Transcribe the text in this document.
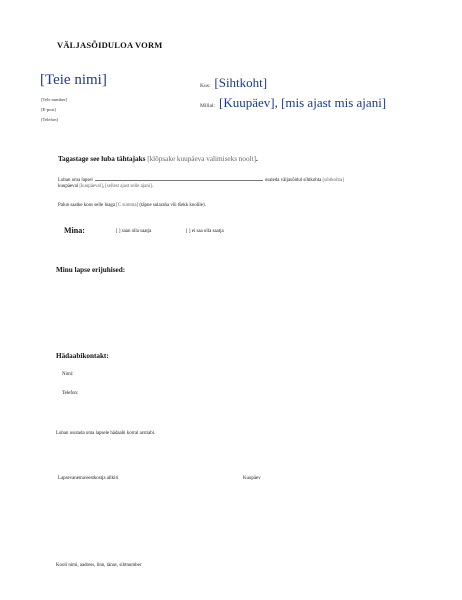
VÄLJASÕIDULOA VORM
[Teie nimi]
[Tele number]
[E-post]
[Telefon]
Kus: [Sihtkoht]
Millal: [Kuupäev], [mis ajast mis ajani]
Tagastage see luba tähtajaks [klõpsake kuupäeva valimiseks noolt].
Luban oma lapsel	osaleda väljasõidul sihtkohta [sihtkohta]
kuupäeval [kuupäeval], [sellest ajast selle ajani].
Palun saatke koos selle loaga [C summa] (täpne sularaha või tšekk koolile).
Mina:	[ ] saan olla saatja	[ ] ei saa olla saatja
Minu lapse erijuhised:
Hädaabikontakt:
Nimi:
Telefon:
Luban osutada oma lapsele hädaabi korral arstiabi.
Lapsevanema/eestkostja allkiri	Kuupäev
Kooli nimi, aadress, linn, tänav, sihtnumber
